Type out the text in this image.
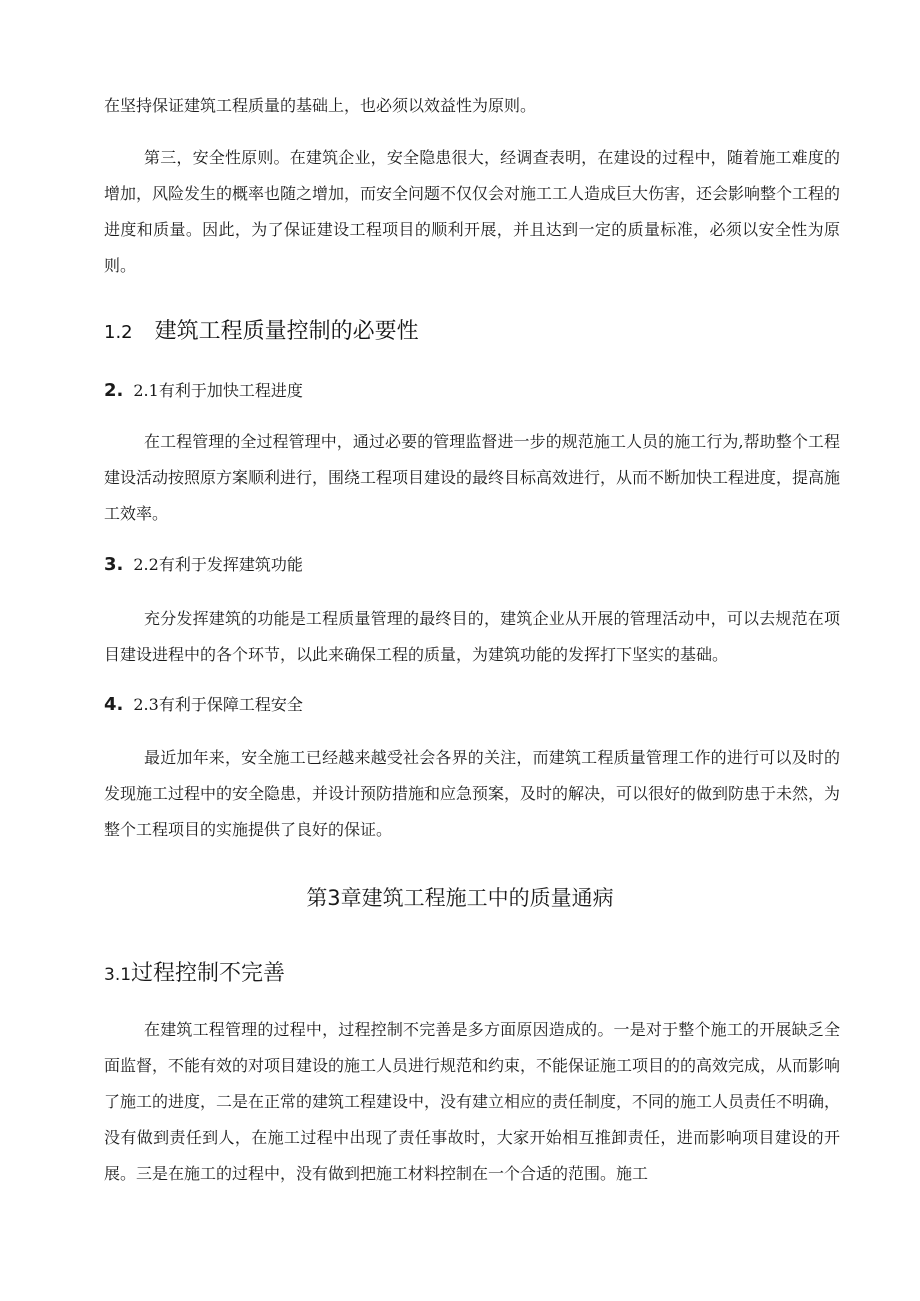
在坚持保证建筑工程质量的基础上，也必须以效益性为原则。

第三，安全性原则。在建筑企业，安全隐患很大，经调查表明，在建设的过程中，随着施工难度的增加，风险发生的概率也随之增加，而安全问题不仅仅会对施工工人造成巨大伤害，还会影响整个工程的进度和质量。因此，为了保证建设工程项目的顺利开展，并且达到一定的质量标准，必须以安全性为原则。

1.2 建筑工程质量控制的必要性
2. 2.1有利于加快工程进度

在工程管理的全过程管理中，通过必要的管理监督进一步的规范施工人员的施工行为,帮助整个工程建设活动按照原方案顺利进行，围绕工程项目建设的最终目标高效进行，从而不断加快工程进度，提高施工效率。

3. 2.2有利于发挥建筑功能

充分发挥建筑的功能是工程质量管理的最终目的，建筑企业从开展的管理活动中，可以去规范在项目建设进程中的各个环节，以此来确保工程的质量，为建筑功能的发挥打下坚实的基础。

4. 2.3有利于保障工程安全

最近加年来，安全施工已经越来越受社会各界的关注，而建筑工程质量管理工作的进行可以及时的发现施工过程中的安全隐患，并设计预防措施和应急预案，及时的解决，可以很好的做到防患于未然，为整个工程项目的实施提供了良好的保证。

第3章建筑工程施工中的质量通病
3.1过程控制不完善

在建筑工程管理的过程中，过程控制不完善是多方面原因造成的。一是对于整个施工的开展缺乏全面监督，不能有效的对项目建设的施工人员进行规范和约束，不能保证施工项目的的高效完成，从而影响了施工的进度，二是在正常的建筑工程建设中，没有建立相应的责任制度，不同的施工人员责任不明确，没有做到责任到人，在施工过程中出现了责任事故时，大家开始相互推卸责任，进而影响项目建设的开展。三是在施工的过程中，没有做到把施工材料控制在一个合适的范围。施工
